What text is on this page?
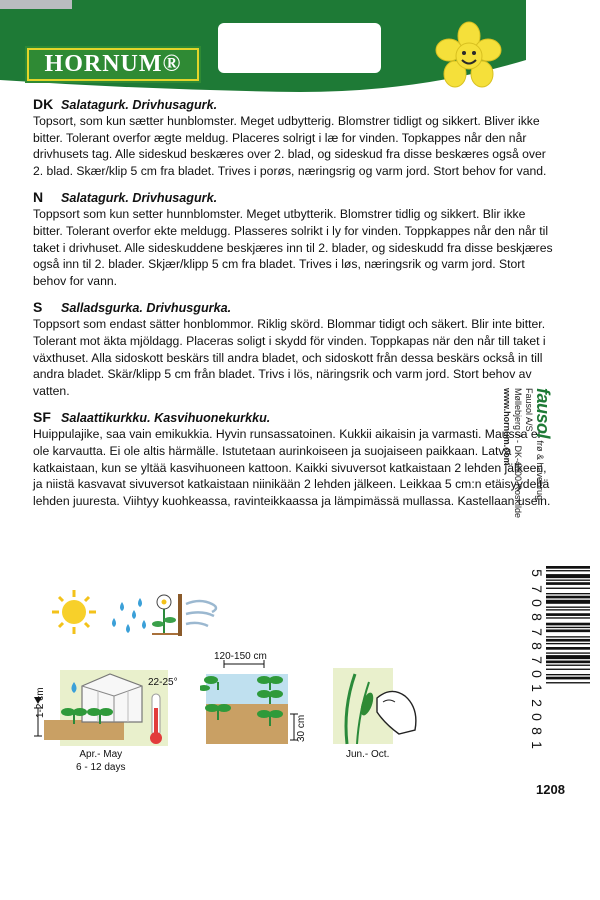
HORNUM®

DK Salatagurk. Drivhusagurk.

Topsort, som kun sætter hunblomster. Meget udbytterig. Blomstrer tidligt og sikkert. Bliver ikke bitter. Tolerant overfor ægte meldug. Placeres solrigt i læ for vinden. Topkappes når den når drivhusets tag. Alle sideskud beskæres over 2. blad, og sideskud fra disse beskæres også over 2. blad. Skær/klip 5 cm fra bladet. Trives i porøs, næringsrig og varm jord. Stort behov for vand.

N Salatagurk. Drivhusagurk.

Toppsort som kun setter hunnblomster. Meget utbytterik. Blomstrer tidlig og sikkert. Blir ikke bitter. Tolerant overfor ekte meldugg. Plasseres solrikt i ly for vinden. Toppkappes når den når til taket i drivhuset. Alle sideskuddene beskjæres inn til 2. blader, og sideskudd fra disse beskjæres også inn til 2. blader. Skjær/klipp 5 cm fra bladet. Trives i løs, næringsrik og varm jord. Stort behov for vann.

S Salladsgurka. Drivhusgurka.

Toppsort som endast sätter honblommor. Riklig skörd. Blommar tidigt och säkert. Blir inte bitter. Tolerant mot äkta mjöldagg. Placeras soligt i skydd för vinden. Toppkapas när den når till taket i växthuset. Alla sidoskott beskärs till andra bladet, och sidoskott från dessa beskärs också in till andra bladet. Skär/klipp 5 cm från bladet. Trivs i lös, näringsrik och varm jord. Stort behov av vatten.

SF Salaattikurkku. Kasvihuonekurkku.

Huippulajike, saa vain emikukkia. Hyvin runsassatoinen. Kukkii aikaisin ja varmasti. Maussa ei ole karvautta. Ei ole altis härmälle. Istutetaan aurinkoiseen ja suojaiseen paikkaan. Latva katkaistaan, kun se yltää kasvihuoneen kattoon. Kaikki sivuversot katkaistaan 2 lehden jälkeen, ja niistä kasvavat sivuversot katkaistaan niinikään 2 lehden jälkeen. Leikkaa 5 cm:n etäisyydeltä lehden juuresta. Viihtyy kuohkeassa, ravinteikkaassa ja lämpimässä mullassa. Kastellaan usein.

fausol frø & havebrug
Fausol A/S
Møllebjerg 7 - DK-4000 Roskilde
www.hornum.com
5
7
0
8
7
8
7
0
1
2
0
8
1
1208
1-2 cm
22-25°
Apr.- May
6 - 12 days
120-150 cm
30 cm
Jun.- Oct.
